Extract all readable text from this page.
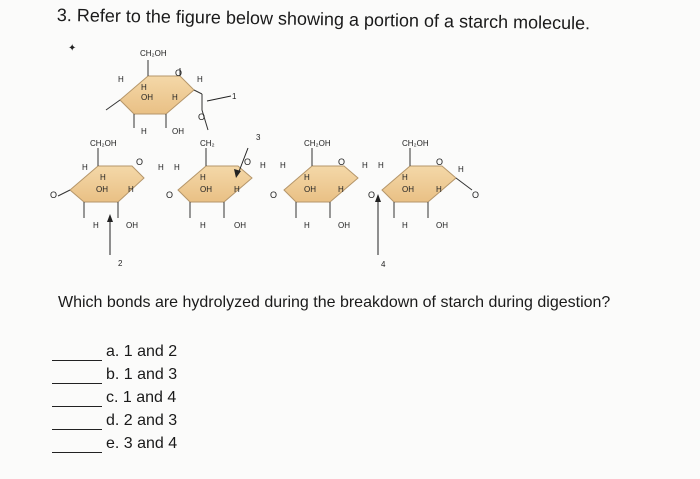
3. Refer to the figure below showing a portion of a starch molecule.
CH₂OH
O
H
H
OH H
H
H	OH
O
1
CH₂OH
O
H
H
OH	H
H	OH
O
2
O
CH₂
O
H H
H
OH	H
H	OH
3
H H
O
CH₂OH
O
H
OH	H
H	OH
H H
O
4
CH₂OH
O
H
H
OH	H
H	OH
O
✦
Which bonds are hydrolyzed during the breakdown of starch during digestion?
a. 1 and 2
b. 1 and 3
c. 1 and 4
d. 2 and 3
e. 3 and 4
